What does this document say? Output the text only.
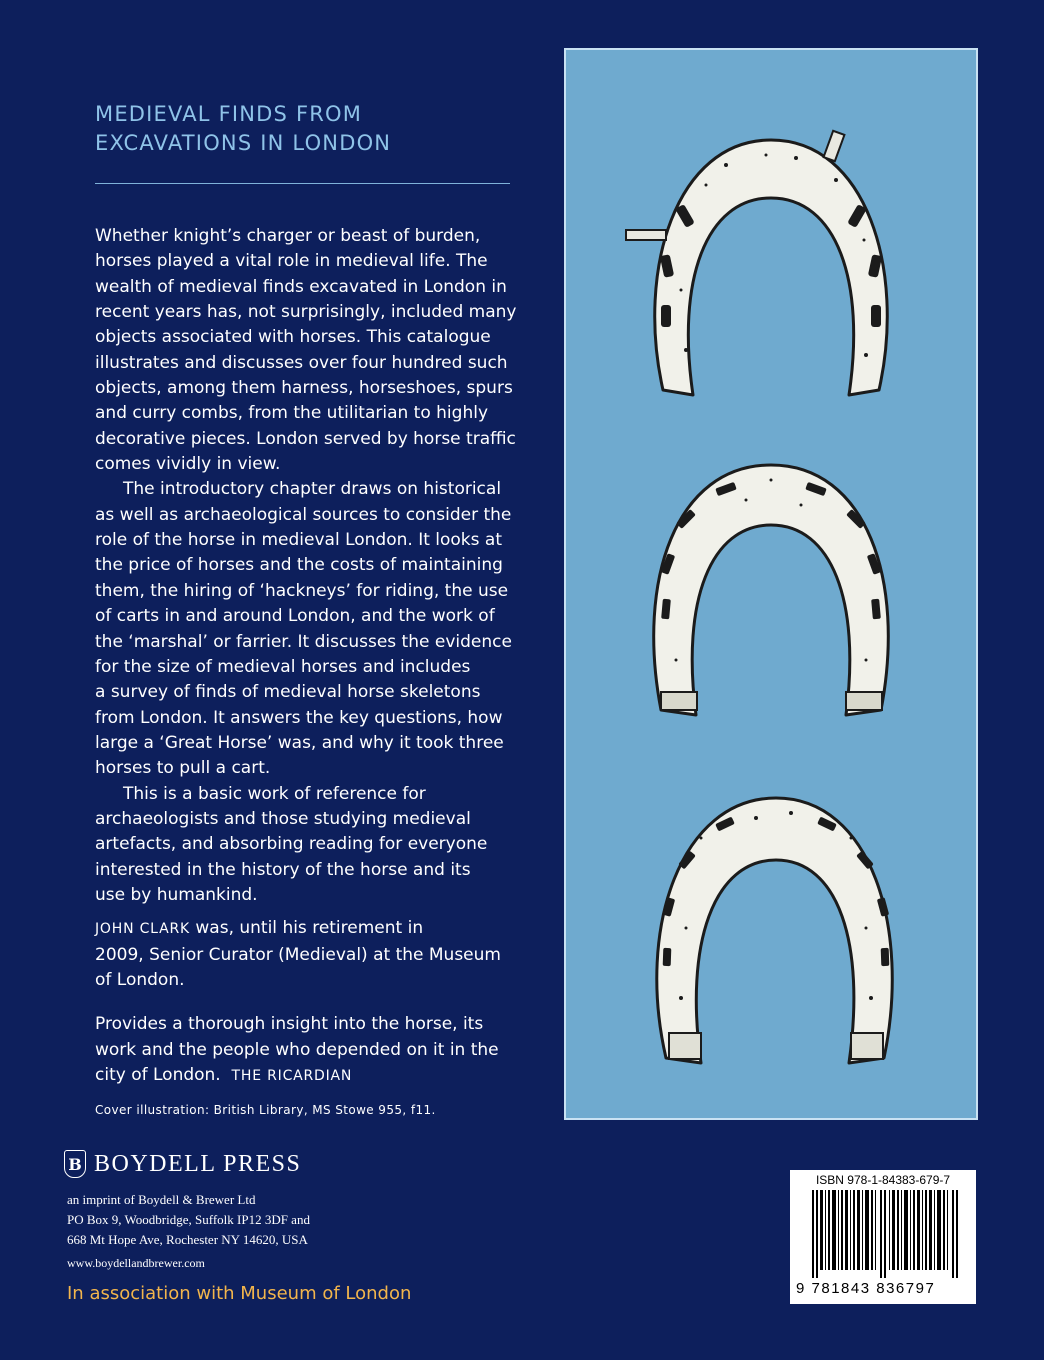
MEDIEVAL FINDS FROM
EXCAVATIONS IN LONDON

Whether knight’s charger or beast of burden,
horses played a vital role in medieval life. The
wealth of medieval finds excavated in London in
recent years has, not surprisingly, included many
objects associated with horses. This catalogue
illustrates and discusses over four hundred such
objects, among them harness, horseshoes, spurs
and curry combs, from the utilitarian to highly
decorative pieces. London served by horse traffic
comes vividly in view.

The introductory chapter draws on historical
as well as archaeological sources to consider the
role of the horse in medieval London. It looks at
the price of horses and the costs of maintaining
them, the hiring of ‘hackneys’ for riding, the use
of carts in and around London, and the work of
the ‘marshal’ or farrier. It discusses the evidence
for the size of medieval horses and includes
a survey of finds of medieval horse skeletons
from London. It answers the key questions, how
large a ‘Great Horse’ was, and why it took three
horses to pull a cart.

This is a basic work of reference for
archaeologists and those studying medieval
artefacts, and absorbing reading for everyone
interested in the history of the horse and its
use by humankind.

JOHN CLARK was, until his retirement in
2009, Senior Curator (Medieval) at the Museum
of London.
Provides a thorough insight into the horse, its
work and the people who depended on it in the
city of London. THE RICARDIAN
Cover illustration: British Library, MS Stowe 955, f11.
B BOYDELL PRESS
an imprint of Boydell & Brewer Ltd
PO Box 9, Woodbridge, Suffolk IP12 3DF and
668 Mt Hope Ave, Rochester NY 14620, USA
www.boydellandbrewer.com
In association with Museum of London
ISBN 978-1-84383-679-7
9 781843 836797
